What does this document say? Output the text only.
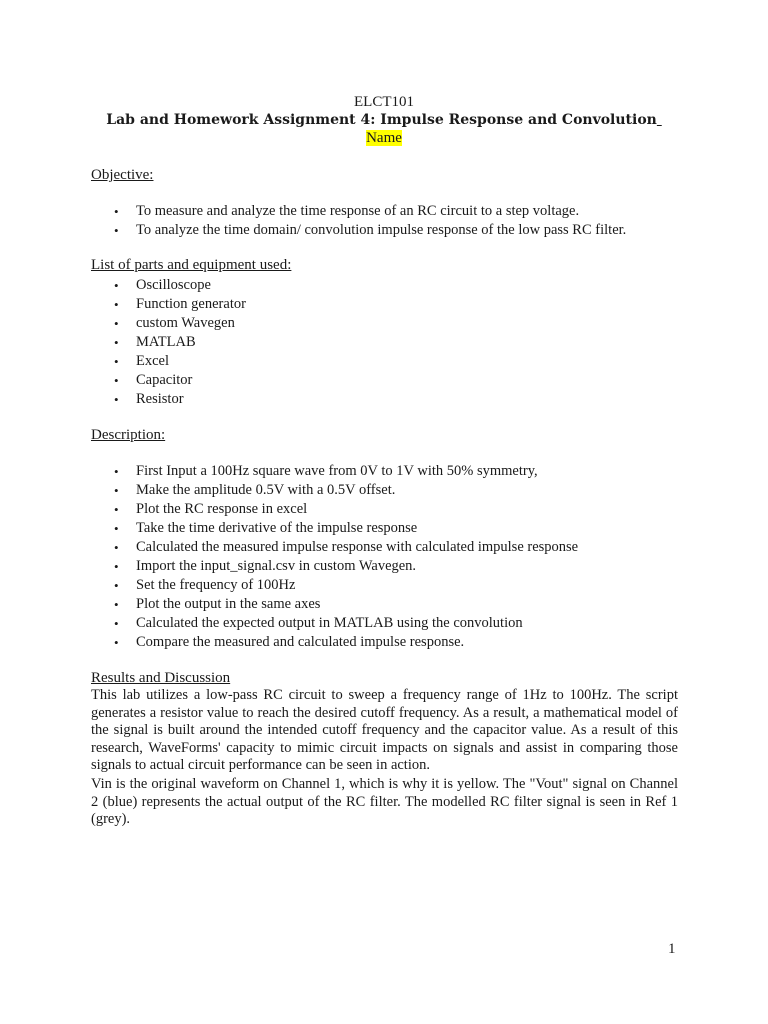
ELCT101
Lab and Homework Assignment 4: Impulse Response and Convolution
Name
Objective:
• To measure and analyze the time response of an RC circuit to a step voltage.
• To analyze the time domain/ convolution impulse response of the low pass RC filter.
List of parts and equipment used:
• Oscilloscope
• Function generator
• custom Wavegen
• MATLAB
• Excel
• Capacitor
• Resistor
Description:
• First Input a 100Hz square wave from 0V to 1V with 50% symmetry,
• Make the amplitude 0.5V with a 0.5V offset.
• Plot the RC response in excel
• Take the time derivative of the impulse response
• Calculated the measured impulse response with calculated impulse response
• Import the input_signal.csv in custom Wavegen.
• Set the frequency of 100Hz
• Plot the output in the same axes
• Calculated the expected output in MATLAB using the convolution
• Compare the measured and calculated impulse response.
Results and Discussion
This lab utilizes a low-pass RC circuit to sweep a frequency range of 1Hz to 100Hz. The script generates a resistor value to reach the desired cutoff frequency. As a result, a mathematical model of the signal is built around the intended cutoff frequency and the capacitor value. As a result of this research, WaveForms' capacity to mimic circuit impacts on signals and assist in comparing those signals to actual circuit performance can be seen in action.
Vin is the original waveform on Channel 1, which is why it is yellow. The "Vout" signal on Channel 2 (blue) represents the actual output of the RC filter. The modelled RC filter signal is seen in Ref 1 (grey).
1
